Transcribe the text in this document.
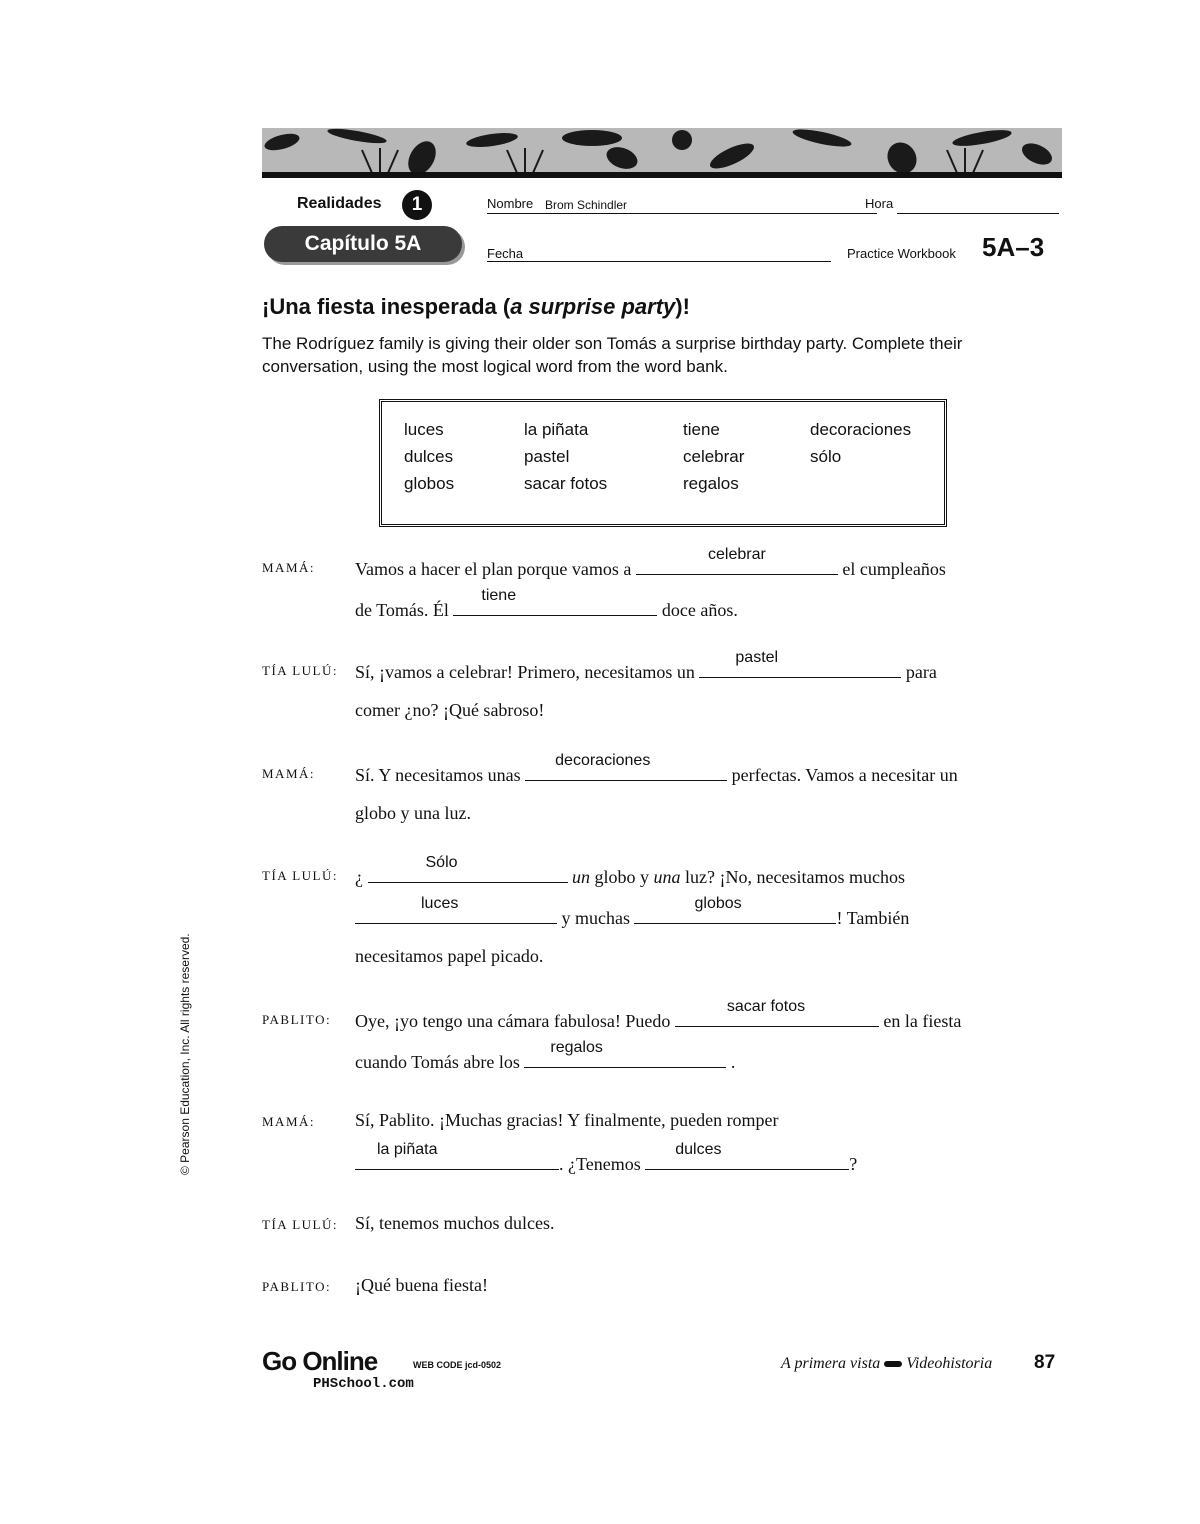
Realidades	1
Capítulo 5A
Nombre Brom Schindler	Hora
Fecha	Practice Workbook 5A–3
¡Una fiesta inesperada (a surprise party)!
The Rodríguez family is giving their older son Tomás a surprise birthday party. Complete their conversation, using the most logical word from the word bank.
luces	la piñata	tiene	decoraciones
dulces	pastel	celebrar	sólo
globos	sacar fotos	regalos
MAMÁ: Vamos a hacer el plan porque vamos a
celebrar
el cumpleaños
de Tomás. Él
tiene
doce años.
TÍA LULÚ: Sí, ¡vamos a celebrar! Primero, necesitamos un
pastel
para
comer ¿no? ¡Qué sabroso!
MAMÁ: Sí. Y necesitamos unas
decoraciones
perfectas. Vamos a necesitar un
globo y una luz.
TÍA LULÚ: ¿
Sólo
un globo y una luz? ¡No, necesitamos muchos
luces
y muchas
globos
! También
necesitamos papel picado.
PABLITO: Oye, ¡yo tengo una cámara fabulosa! Puedo
sacar fotos
en la fiesta
cuando Tomás abre los
regalos
.
MAMÁ: Sí, Pablito. ¡Muchas gracias! Y finalmente, pueden romper
la piñata
. ¿Tenemos
dulces
?
TÍA LULÚ: Sí, tenemos muchos dulces.
PABLITO: ¡Qué buena fiesta!
© Pearson Education, Inc. All rights reserved.
Go Online	WEB CODE jcd-0502
PHSchool.com
A primera vista Videohistoria 87
